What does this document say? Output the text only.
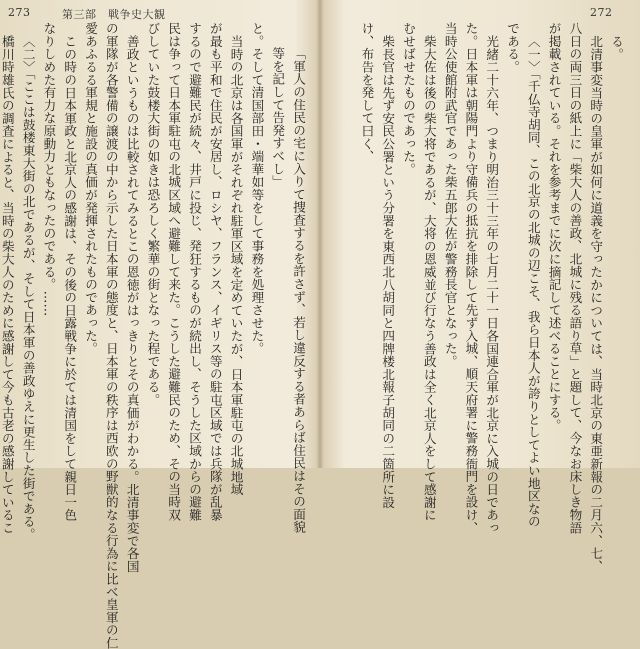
273	第三部　戦争史大観	272
る。
北清事変当時の皇軍が如何に道義を守ったかについては、当時北京の東亜新報の二月六、七、
八日の両三日の紙上に「柴大人の善政、北城に残る語り草」と題して、今なお床しき物語
が掲載されている。それを参考までに次に摘記して述べることにする。
〈一〉「千仏寺胡同、この北京の北城の辺こそ、我ら日本人が誇りとしてよい地区なの
である。
光緒二十六年、つまり明治三十三年の七月二十一日各国連合軍が北京に入城の日であっ
た。日本軍は朝陽門より守備兵の抵抗を排除して先ず入城、順天府署に警務衙門を設け、
当時公使館附武官であった柴五郎大佐が警務長官となった。
柴大佐は後の柴大将であるが、大将の恩威並び行なう善政は全く北京人をして感謝に
むせばせたものであった。
柴長官は先ず安民公署という分署を東西北八胡同と四牌楼北報子胡同の二箇所に設
け、布告を発して曰く、
「軍人の住民の宅に入りて捜査するを許さず、若し違反する者あらば住民はその面貌
等を記して告発すべし」
と。そして清国部田・端華如等をして事務を処理させた。
当時の北京は各国軍がそれぞれ駐軍区域を定めていたが、日本軍駐屯の北城地域
が最も平和で住民が安居し、ロシヤ、フランス、イギリス等の駐屯区域では兵隊が乱暴
するので避難民が続々、井戸に投じ、発狂するものが続出し、そうした区域からの避難
民は争って日本軍駐屯の北城区域へ避難して来た。こうした避難民のため、その当時双
びしていた鼓楼大街の如きは恐ろしく繁華の街となった程である。
善政というものは比較されてみるとこの恩徳がはっきりとその真価がわかる。北清事変で各国
の軍隊が各警備の譲渡の中から示した日本軍の態度と、日本軍の秩序は西欧の野獣的なる行為に比べ皇軍の仁
愛あふるる軍規と施設の真価が発揮されたものであった。
この時の日本軍政と北京人の感謝は、その後の日露戦争に於ては清国をして親日一色
なりしめた有力な原動力ともなったのである。……
〈二〉「ここは鼓楼東大街の北であるが、そして日本軍の善政ゆえに更生した街である。
橋川時雄氏の調査によると、当時の柴大人のために感謝して今も古老の感謝しているこ
